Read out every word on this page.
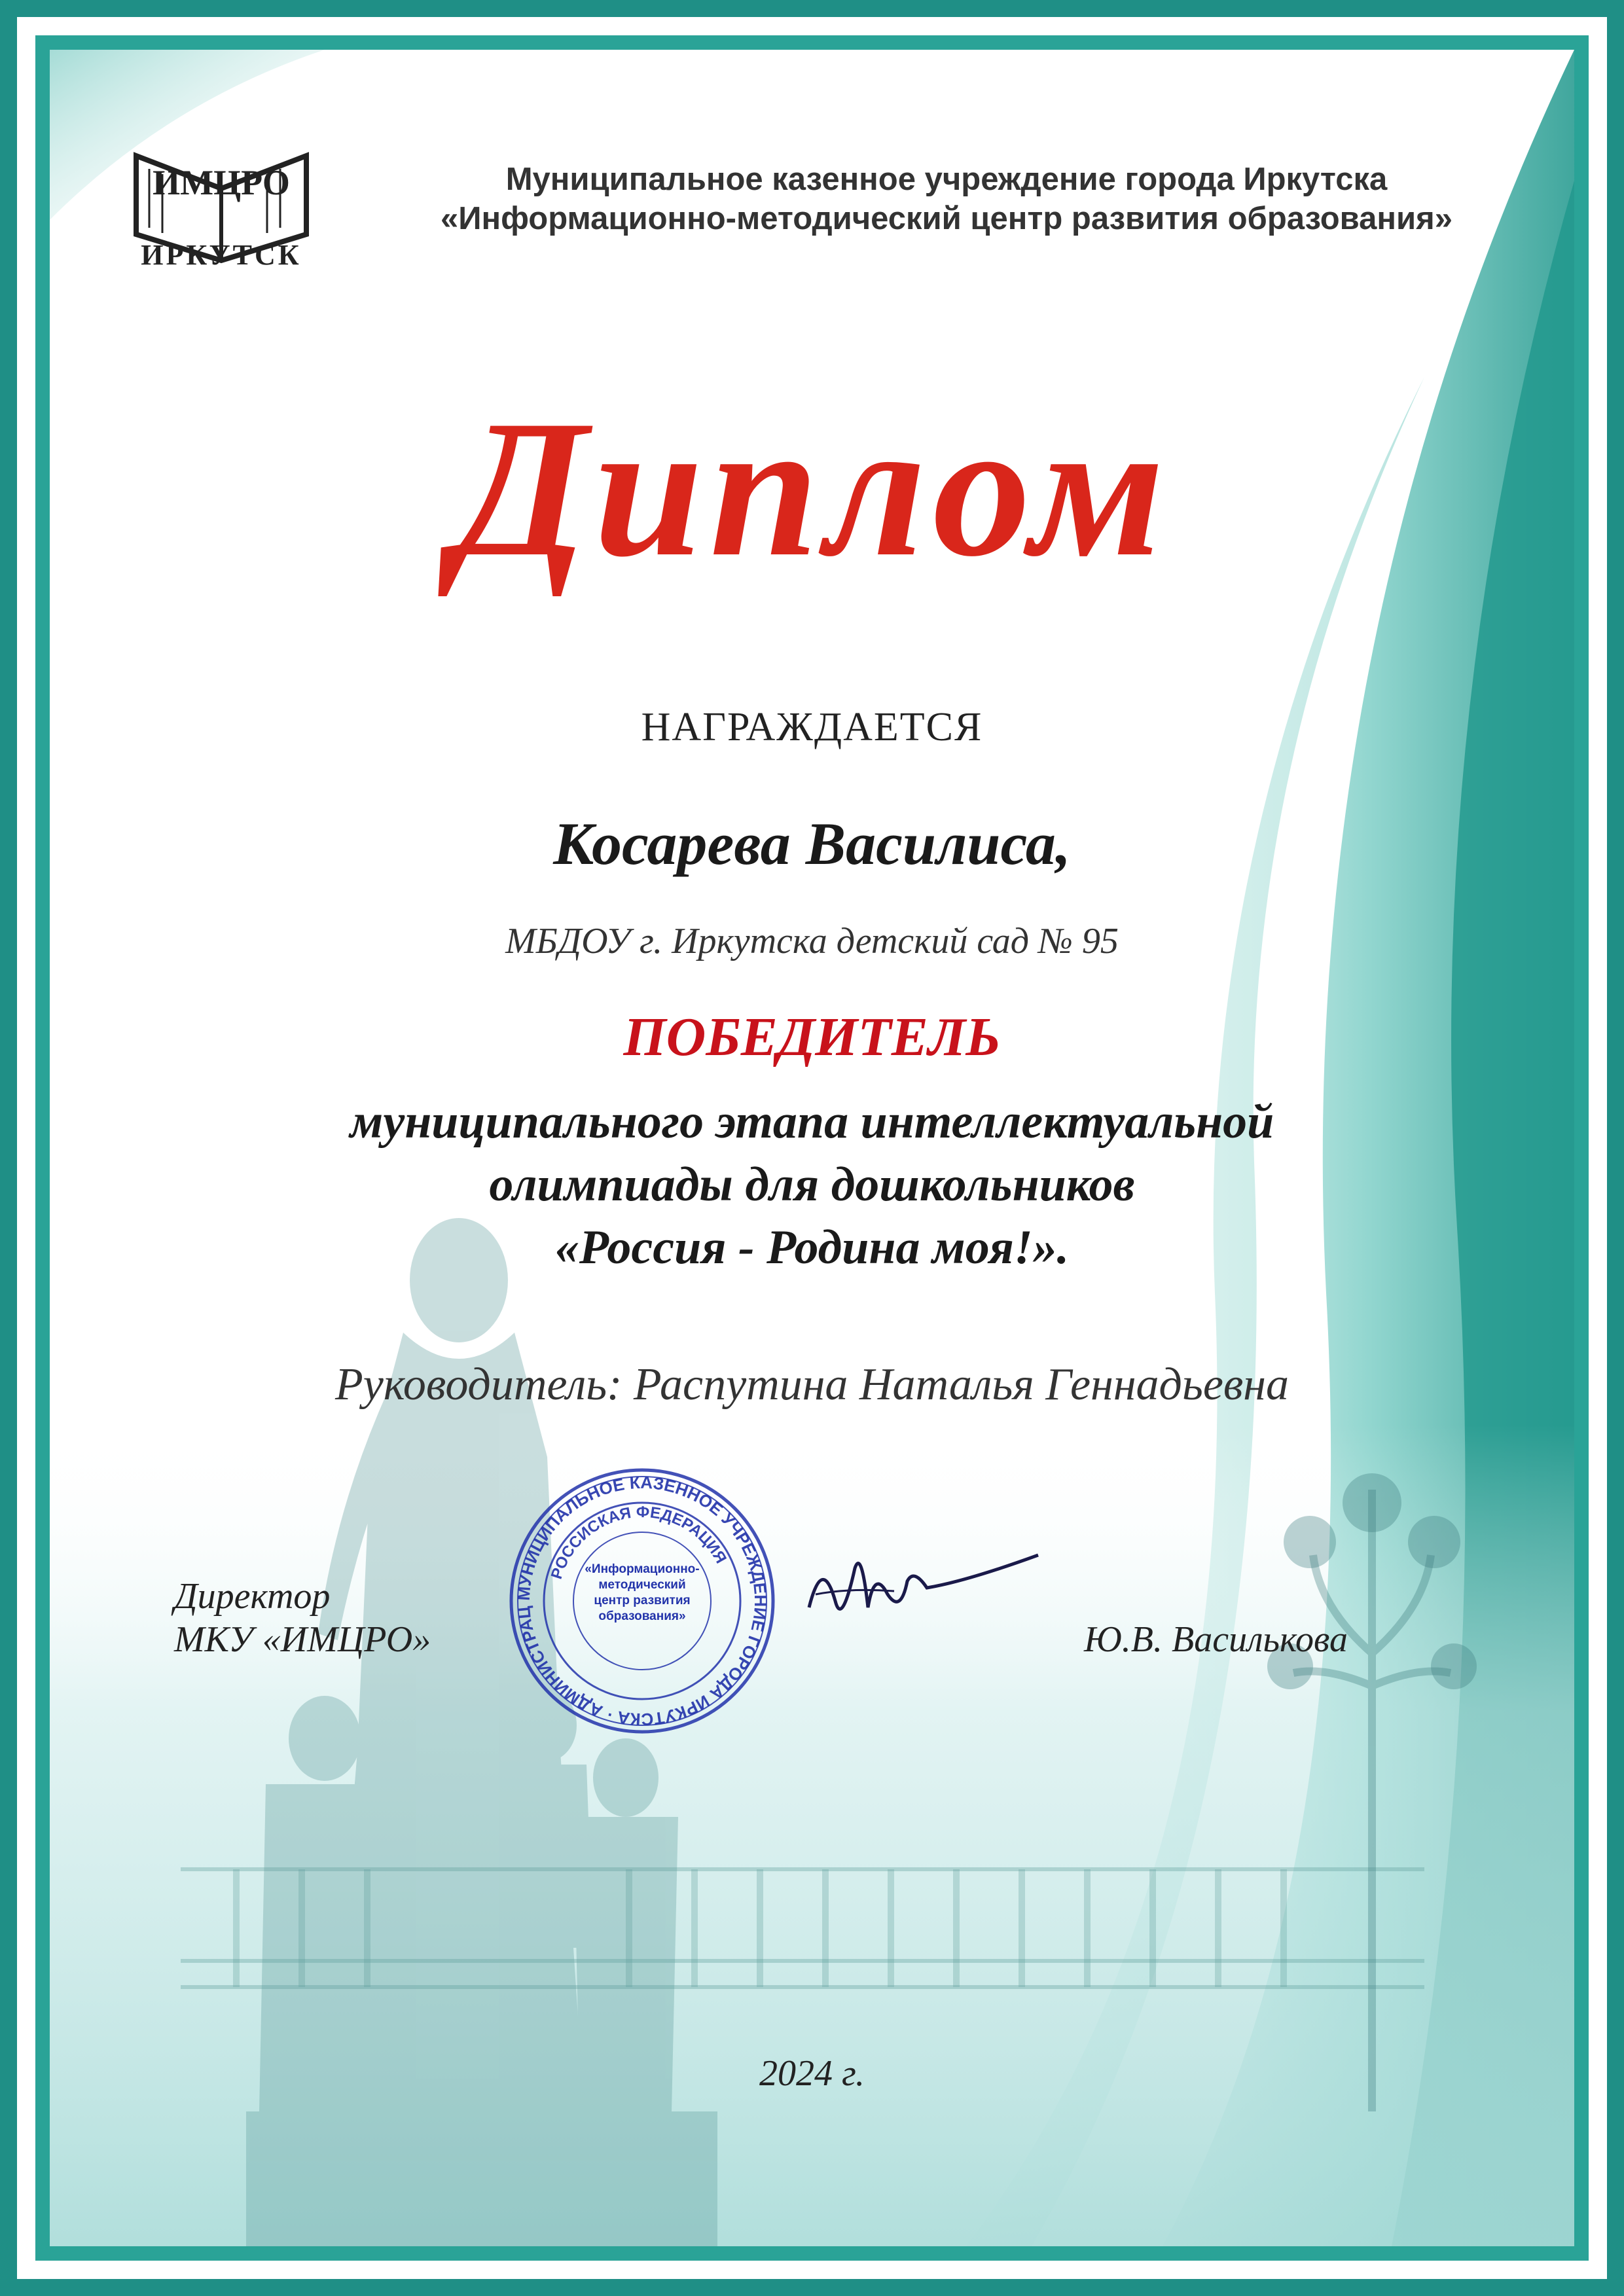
ИМЦРО
ИРКУТСК
Муниципальное казенное учреждение города Иркутска
«Информационно-методический центр развития образования»
Диплом
НАГРАЖДАЕТСЯ
Косарева Василиса,
МБДОУ г. Иркутска детский сад № 95
ПОБЕДИТЕЛЬ
муниципального этапа интеллектуальной
олимпиады для дошкольников
«Россия - Родина моя!».
Руководитель: Распутина Наталья Геннадьевна
Директор
МКУ «ИМЦРО»
МУНИЦИПАЛЬНОЕ КАЗЕННОЕ УЧРЕЖДЕНИЕ ГОРОДА ИРКУТСКА · АДМИНИСТРАЦ
РОССИСКАЯ ФЕДЕРАЦИЯ
«Информационно-методический центр развития образования»
Ю.В. Василькова
2024 г.
